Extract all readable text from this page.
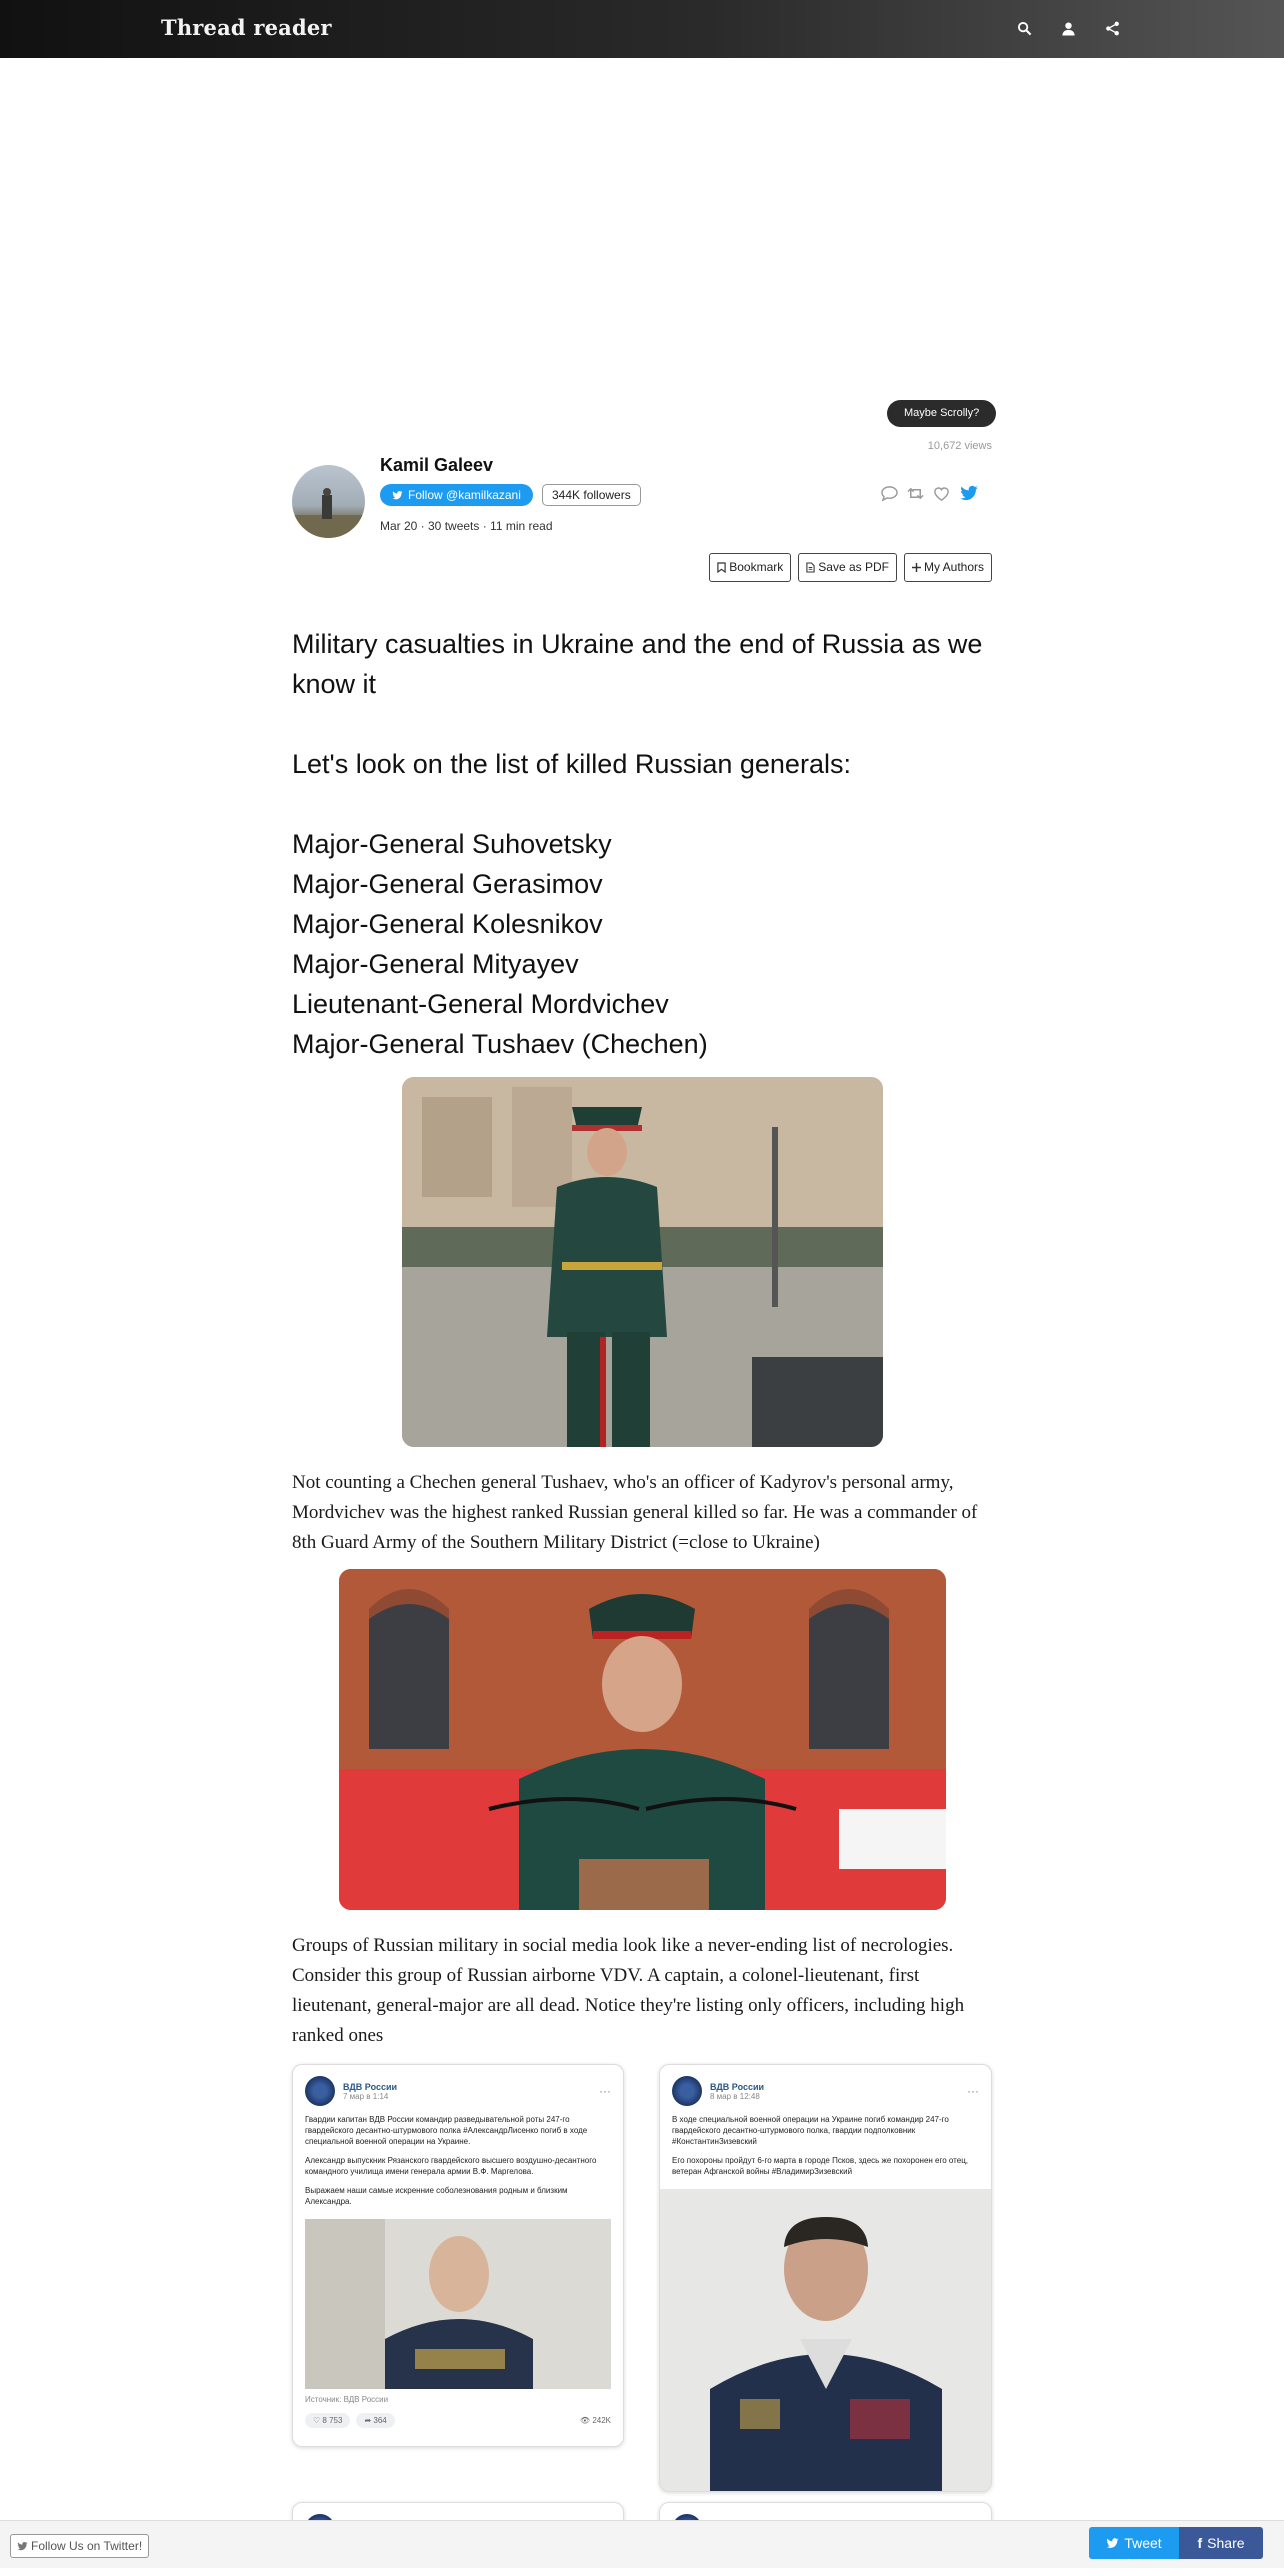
Thread reader
Maybe Scrolly?
10,672 views
Kamil Galeev
Follow @kamilkazani	344K followers
Mar 20 · 30 tweets · 11 min read
Bookmark	Save as PDF	My Authors

Military casualties in Ukraine and the end of Russia as we know it

Let's look on the list of killed Russian generals:

Major-General Suhovetsky

Major-General Gerasimov

Major-General Kolesnikov

Major-General Mityayev

Lieutenant-General Mordvichev

Major-General Tushaev (Chechen)

Not counting a Chechen general Tushaev, who's an officer of Kadyrov's personal army, Mordvichev was the highest ranked Russian general killed so far. He was a commander of 8th Guard Army of the Southern Military District (=close to Ukraine)
Groups of Russian military in social media look like a never-ending list of necrologies. Consider this group of Russian airborne VDV. A captain, a colonel-lieutenant, first lieutenant, general-major are all dead. Notice they're listing only officers, including high ranked ones
ВДВ России
7 мар в 1:14	···

Гвардии капитан ВДВ России командир разведывательной роты 247-го гвардейского десантно-штурмового полка #АлександрЛисенко погиб в ходе специальной военной операции на Украине.

Александр выпускник Рязанского гвардейского высшего воздушно-десантного командного училища имени генерала армии В.Ф. Маргелова.

Выражаем наши самые искренние соболезнования родным и близким Александра.

Источник: ВДВ России
♡ 8 753	➦ 364	👁 242K
ВДВ России
8 мар в 12:48	···

В ходе специальной военной операции на Украине погиб командир 247-го гвардейского десантно-штурмового полка, гвардии подполковник #КонстантинЗизевский

Его похороны пройдут 6-го марта в городе Псков, здесь же похоронен его отец, ветеран Афганской войны #ВладимирЗизевский

Follow Us on Twitter!	Tweet	f Share
